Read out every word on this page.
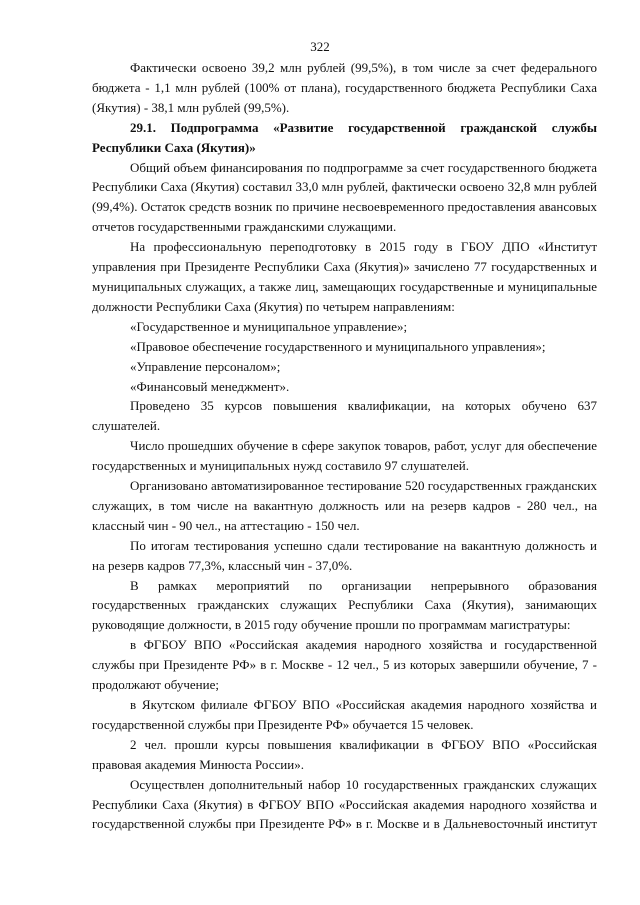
322

Фактически освоено 39,2 млн рублей (99,5%), в том числе за счет федерального бюджета - 1,1 млн рублей (100% от плана), государственного бюджета Республики Саха (Якутия) - 38,1 млн рублей (99,5%).

29.1. Подпрограмма «Развитие государственной гражданской службы Республики Саха (Якутия)»

Общий объем финансирования по подпрограмме за счет государственного бюджета Республики Саха (Якутия) составил 33,0 млн рублей, фактически освоено 32,8 млн рублей (99,4%). Остаток средств возник по причине несвоевременного предоставления авансовых отчетов государственными гражданскими служащими.

На профессиональную переподготовку в 2015 году в ГБОУ ДПО «Институт управления при Президенте Республики Саха (Якутия)» зачислено 77 государственных и муниципальных служащих, а также лиц, замещающих государственные и муниципальные должности Республики Саха (Якутия) по четырем направлениям:

«Государственное и муниципальное управление»;

«Правовое обеспечение государственного и муниципального управления»;

«Управление персоналом»;

«Финансовый менеджмент».

Проведено 35 курсов повышения квалификации, на которых обучено 637 слушателей.

Число прошедших обучение в сфере закупок товаров, работ, услуг для обеспечение государственных и муниципальных нужд составило 97 слушателей.

Организовано автоматизированное тестирование 520 государственных гражданских служащих, в том числе на вакантную должность или на резерв кадров - 280 чел., на классный чин - 90 чел., на аттестацию - 150 чел.

По итогам тестирования успешно сдали тестирование на вакантную должность и на резерв кадров 77,3%, классный чин - 37,0%.

В рамках мероприятий по организации непрерывного образования государственных гражданских служащих Республики Саха (Якутия), занимающих руководящие должности, в 2015 году обучение прошли по программам магистратуры:

в ФГБОУ ВПО «Российская академия народного хозяйства и государственной службы при Президенте РФ» в г. Москве - 12 чел., 5 из которых завершили обучение, 7 - продолжают обучение;

в Якутском филиале ФГБОУ ВПО «Российская академия народного хозяйства и государственной службы при Президенте РФ» обучается 15 человек.

2 чел. прошли курсы повышения квалификации в ФГБОУ ВПО «Российская правовая академия Минюста России».

Осуществлен дополнительный набор 10 государственных гражданских служащих Республики Саха (Якутия) в ФГБОУ ВПО «Российская академия народного хозяйства и государственной службы при Президенте РФ» в г. Москве и в Дальневосточный институт
